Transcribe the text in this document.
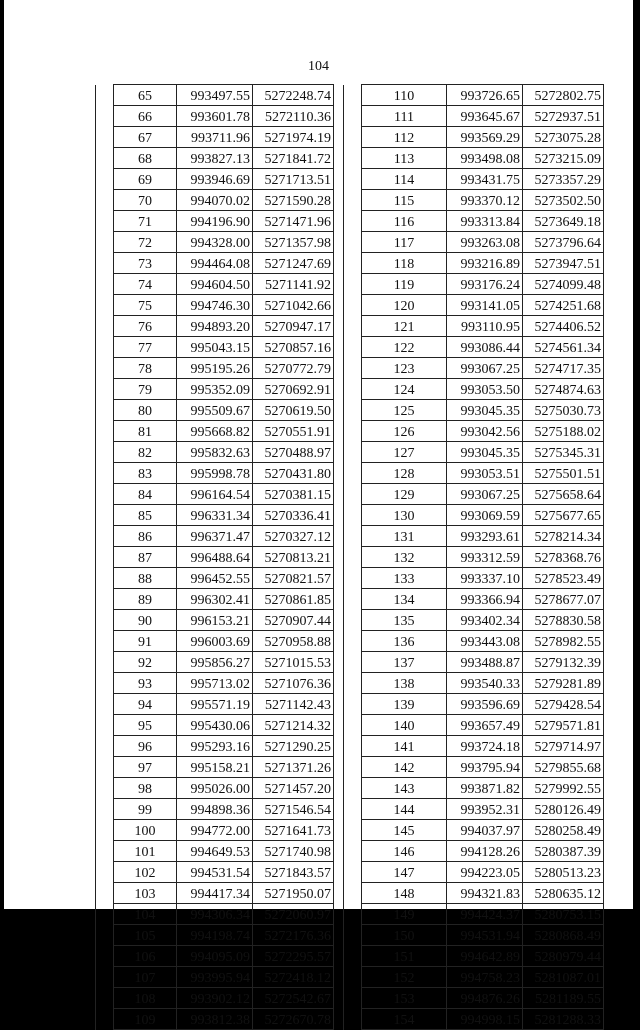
104
	65	993497.55	5272248.74
	66	993601.78	5272110.36
	67	993711.96	5271974.19
	68	993827.13	5271841.72
	69	993946.69	5271713.51
	70	994070.02	5271590.28
	71	994196.90	5271471.96
	72	994328.00	5271357.98
	73	994464.08	5271247.69
	74	994604.50	5271141.92
	75	994746.30	5271042.66
	76	994893.20	5270947.17
	77	995043.15	5270857.16
	78	995195.26	5270772.79
	79	995352.09	5270692.91
	80	995509.67	5270619.50
	81	995668.82	5270551.91
	82	995832.63	5270488.97
	83	995998.78	5270431.80
	84	996164.54	5270381.15
	85	996331.34	5270336.41
	86	996371.47	5270327.12
	87	996488.64	5270813.21
	88	996452.55	5270821.57
	89	996302.41	5270861.85
	90	996153.21	5270907.44
	91	996003.69	5270958.88
	92	995856.27	5271015.53
	93	995713.02	5271076.36
	94	995571.19	5271142.43
	95	995430.06	5271214.32
	96	995293.16	5271290.25
	97	995158.21	5271371.26
	98	995026.00	5271457.20
	99	994898.36	5271546.54
	100	994772.00	5271641.73
	101	994649.53	5271740.98
	102	994531.54	5271843.57
	103	994417.34	5271950.07
	104	994306.34	5272060.97
	105	994198.74	5272176.36
	106	994095.09	5272295.57
	107	993995.94	5272418.12
	108	993902.12	5272542.67
	109	993812.38	5272670.78
	110	993726.65	5272802.75
	111	993645.67	5272937.51
	112	993569.29	5273075.28
	113	993498.08	5273215.09
	114	993431.75	5273357.29
	115	993370.12	5273502.50
	116	993313.84	5273649.18
	117	993263.08	5273796.64
	118	993216.89	5273947.51
	119	993176.24	5274099.48
	120	993141.05	5274251.68
	121	993110.95	5274406.52
	122	993086.44	5274561.34
	123	993067.25	5274717.35
	124	993053.50	5274874.63
	125	993045.35	5275030.73
	126	993042.56	5275188.02
	127	993045.35	5275345.31
	128	993053.51	5275501.51
	129	993067.25	5275658.64
	130	993069.59	5275677.65
	131	993293.61	5278214.34
	132	993312.59	5278368.76
	133	993337.10	5278523.49
	134	993366.94	5278677.07
	135	993402.34	5278830.58
	136	993443.08	5278982.55
	137	993488.87	5279132.39
	138	993540.33	5279281.89
	139	993596.69	5279428.54
	140	993657.49	5279571.81
	141	993724.18	5279714.97
	142	993795.94	5279855.68
	143	993871.82	5279992.55
	144	993952.31	5280126.49
	145	994037.97	5280258.49
	146	994128.26	5280387.39
	147	994223.05	5280513.23
	148	994321.83	5280635.12
	149	994424.37	5280753.15
	150	994531.94	5280868.49
	151	994642.89	5280979.44
	152	994758.23	5281087.01
	153	994876.26	5281189.55
	154	994998.15	5281288.33
